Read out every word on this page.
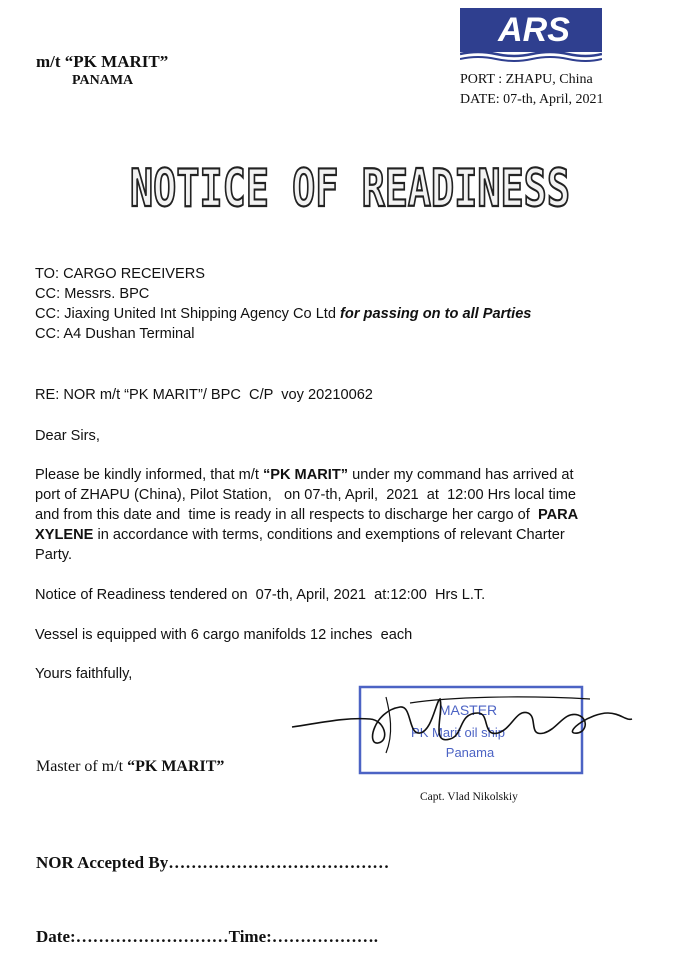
m/t “PK MARIT”
PANAMA
ARS
PORT : ZHAPU, China
DATE: 07-th, April, 2021
NOTICE OF READINESS
TO: CARGO RECEIVERS
CC: Messrs. BPC
CC: Jiaxing United Int Shipping Agency Co Ltd for passing on to all Parties
CC: A4 Dushan Terminal
RE: NOR m/t “PK MARIT”/ BPC  C/P  voy 20210062
Dear Sirs,
Please be kindly informed, that m/t “PK MARIT” under my command has arrived at
port of ZHAPU (China), Pilot Station,   on 07-th, April,  2021  at  12:00 Hrs local time
and from this date and  time is ready in all respects to discharge her cargo of  PARA
XYLENE in accordance with terms, conditions and exemptions of relevant Charter
Party.
Notice of Readiness tendered on  07-th, April, 2021  at:12:00  Hrs L.T.
Vessel is equipped with 6 cargo manifolds 12 inches  each
Yours faithfully,
Master of m/t “PK MARIT”
MASTER
PK Marit oil ship
Panama
Capt. Vlad Nikolskiy
NOR Accepted By…………………………………
Date:………………………Time:……………….
